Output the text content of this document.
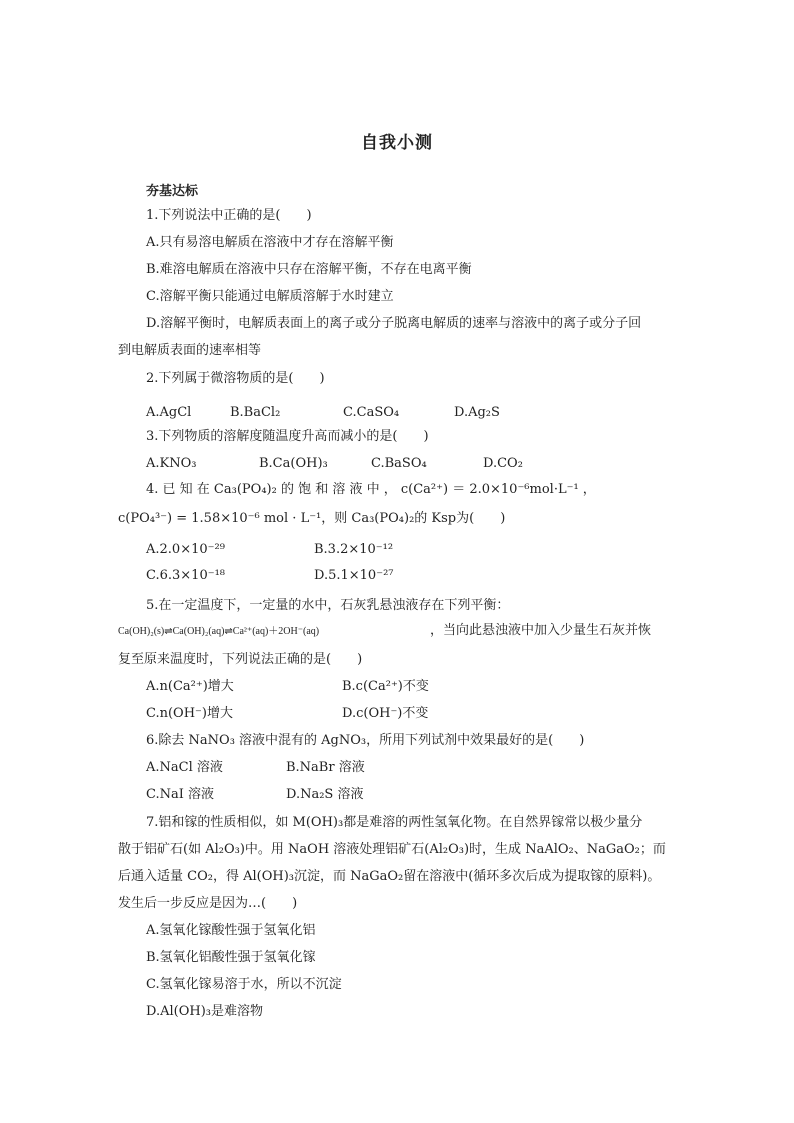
自我小测
夯基达标
1.下列说法中正确的是(　　)
A.只有易溶电解质在溶液中才存在溶解平衡
B.难溶电解质在溶液中只存在溶解平衡，不存在电离平衡
C.溶解平衡只能通过电解质溶解于水时建立
D.溶解平衡时，电解质表面上的离子或分子脱离电解质的速率与溶液中的离子或分子回
到电解质表面的速率相等
2.下列属于微溶物质的是(　　)
A.AgCl	B.BaCl₂	C.CaSO₄	D.Ag₂S
3.下列物质的溶解度随温度升高而减小的是(　　)
A.KNO₃	B.Ca(OH)₃	C.BaSO₄	D.CO₂
4. 已 知 在 Ca₃(PO₄)₂ 的 饱 和 溶 液 中 ， c(Ca²⁺) ＝ 2.0×10⁻⁶mol·L⁻¹ ，
c(PO₄³⁻) = 1.58×10⁻⁶ mol · L⁻¹，则 Ca₃(PO₄)₂的 Ksp为(　　)
A.2.0×10⁻²⁹	B.3.2×10⁻¹²
C.6.3×10⁻¹⁸	D.5.1×10⁻²⁷
5.在一定温度下，一定量的水中，石灰乳悬浊液存在下列平衡：
Ca(OH)₂(s)⇌Ca(OH)₂(aq)⇌Ca²⁺(aq)＋2OH⁻(aq)	，当向此悬浊液中加入少量生石灰并恢
复至原来温度时，下列说法正确的是(　　)
A.n(Ca²⁺)增大	B.c(Ca²⁺)不变
C.n(OH⁻)增大	D.c(OH⁻)不变
6.除去 NaNO₃ 溶液中混有的 AgNO₃，所用下列试剂中效果最好的是(　　)
A.NaCl 溶液	B.NaBr 溶液
C.NaI 溶液	D.Na₂S 溶液
7.铝和镓的性质相似，如 M(OH)₃都是难溶的两性氢氧化物。在自然界镓常以极少量分
散于铝矿石(如 Al₂O₃)中。用 NaOH 溶液处理铝矿石(Al₂O₃)时，生成 NaAlO₂、NaGaO₂；而
后通入适量 CO₂，得 Al(OH)₃沉淀，而 NaGaO₂留在溶液中(循环多次后成为提取镓的原料)。
发生后一步反应是因为…(　　)
A.氢氧化镓酸性强于氢氧化铝
B.氢氧化铝酸性强于氢氧化镓
C.氢氧化镓易溶于水，所以不沉淀
D.Al(OH)₃是难溶物
